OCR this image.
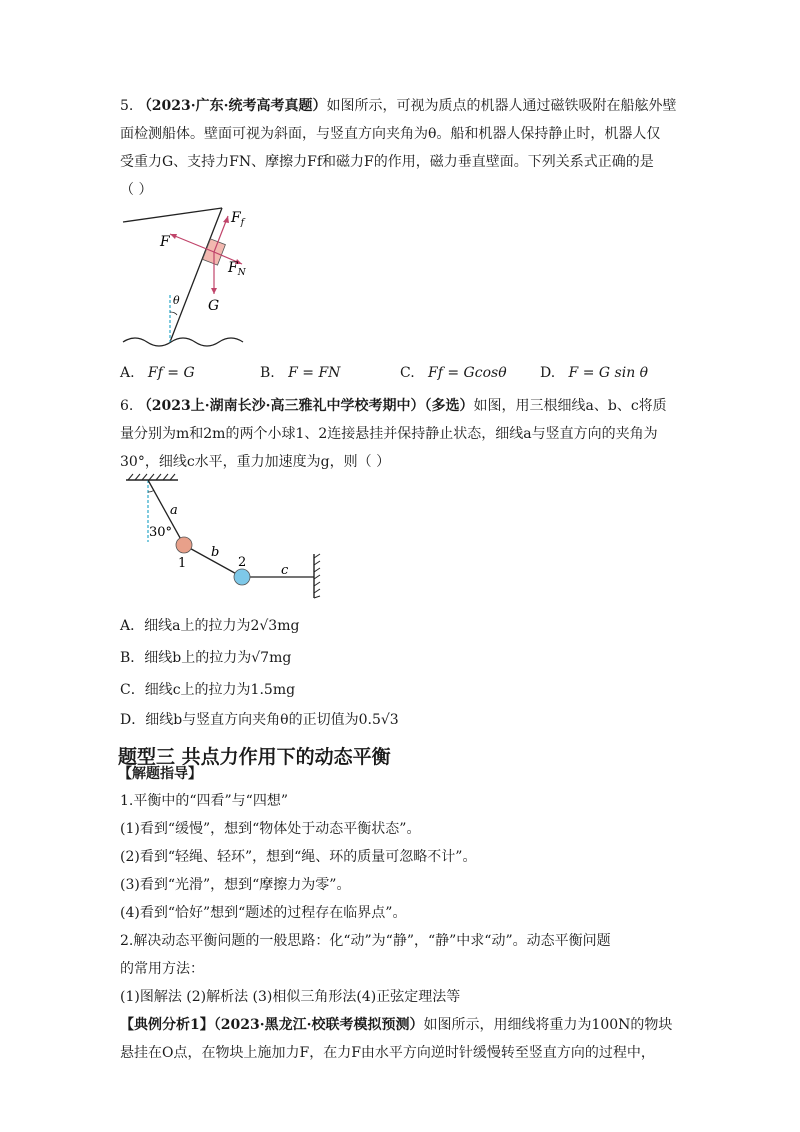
5. （2023·广东·统考高考真题）如图所示，可视为质点的机器人通过磁铁吸附在船舷外壁
面检测船体。壁面可视为斜面，与竖直方向夹角为θ。船和机器人保持静止时，机器人仅
受重力G、支持力FN、摩擦力Ff和磁力F的作用，磁力垂直壁面。下列关系式正确的是
（ ）
θ
$F_f$
F
$F_N$
G
A. Ff = G	B. F = FN	C. Ff = Gcosθ D. F = G sin θ
6. （2023上·湖南长沙·高三雅礼中学校考期中）（多选）如图，用三根细线a、b、c将质
量分别为m和2m的两个小球1、2连接悬挂并保持静止状态，细线a与竖直方向的夹角为
30°，细线c水平，重力加速度为g，则（ ）
a
30°
1
b
2
c
A．细线a上的拉力为2√3mg
B．细线b上的拉力为√7mg
C．细线c上的拉力为1.5mg
D．细线b与竖直方向夹角θ的正切值为0.5√3
题型三 共点力作用下的动态平衡
【解题指导】
1.平衡中的“四看”与“四想”
(1)看到“缓慢”，想到“物体处于动态平衡状态”。
(2)看到“轻绳、轻环”，想到“绳、环的质量可忽略不计”。
(3)看到“光滑”，想到“摩擦力为零”。
(4)看到“恰好”想到“题述的过程存在临界点”。
2.解决动态平衡问题的一般思路：化“动”为“静”，“静”中求“动”。动态平衡问题
的常用方法：
(1)图解法 (2)解析法 (3)相似三角形法(4)正弦定理法等
【典例分析1】（2023·黑龙江·校联考模拟预测）如图所示，用细线将重力为100N的物块
悬挂在O点，在物块上施加力F，在力F由水平方向逆时针缓慢转至竖直方向的过程中，
